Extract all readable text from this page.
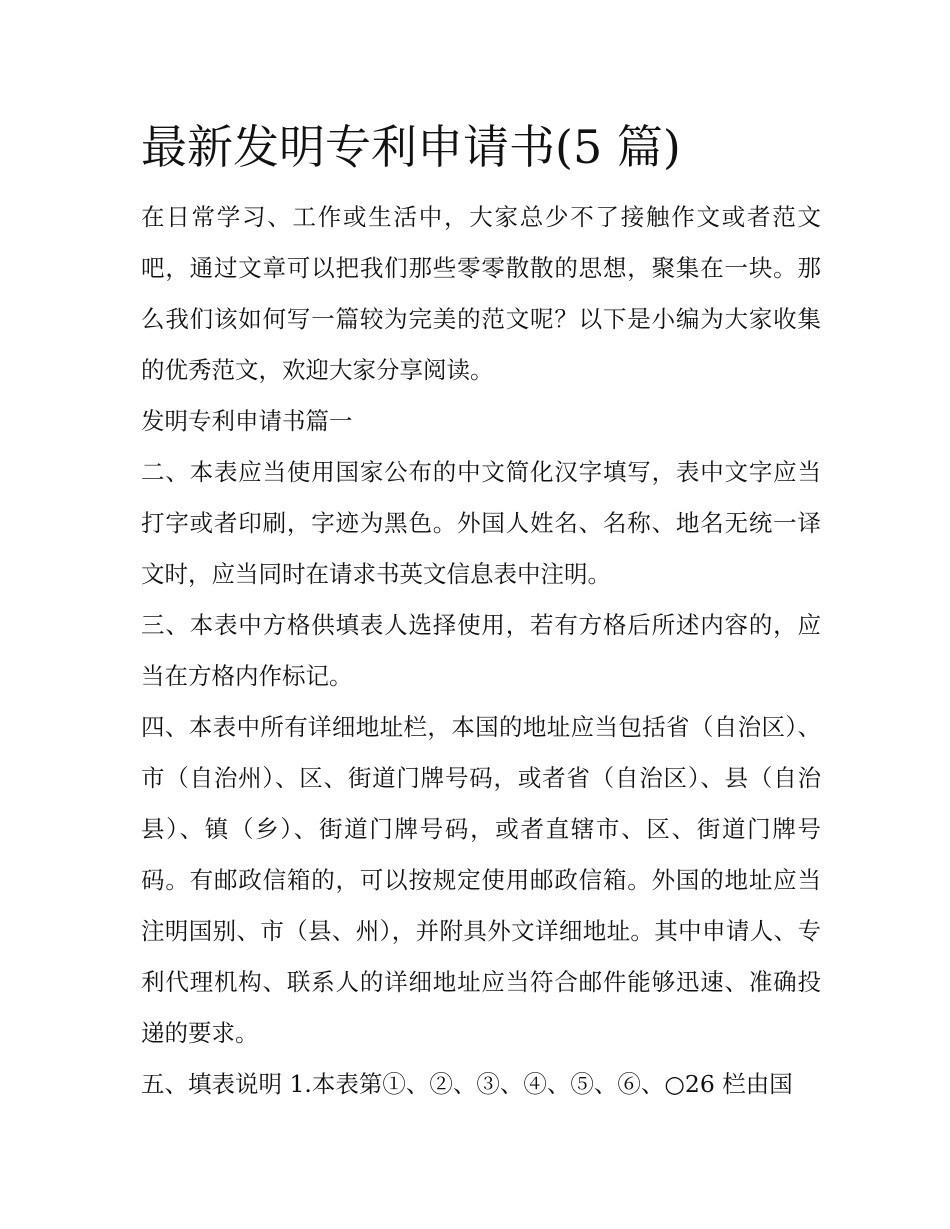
最新发明专利申请书(5 篇)

在日常学习、工作或生活中，大家总少不了接触作文或者范文吧，通过文章可以把我们那些零零散散的思想，聚集在一块。那么我们该如何写一篇较为完美的范文呢？以下是小编为大家收集的优秀范文，欢迎大家分享阅读。

发明专利申请书篇一

二、本表应当使用国家公布的中文简化汉字填写，表中文字应当打字或者印刷，字迹为黑色。外国人姓名、名称、地名无统一译文时，应当同时在请求书英文信息表中注明。

三、本表中方格供填表人选择使用，若有方格后所述内容的，应当在方格内作标记。

四、本表中所有详细地址栏，本国的地址应当包括省（自治区）、市（自治州）、区、街道门牌号码，或者省（自治区）、县（自治县）、镇（乡）、街道门牌号码，或者直辖市、区、街道门牌号码。有邮政信箱的，可以按规定使用邮政信箱。外国的地址应当注明国别、市（县、州），并附具外文详细地址。其中申请人、专利代理机构、联系人的详细地址应当符合邮件能够迅速、准确投递的要求。

五、填表说明 1.本表第①、②、③、④、⑤、⑥、○26 栏由国
